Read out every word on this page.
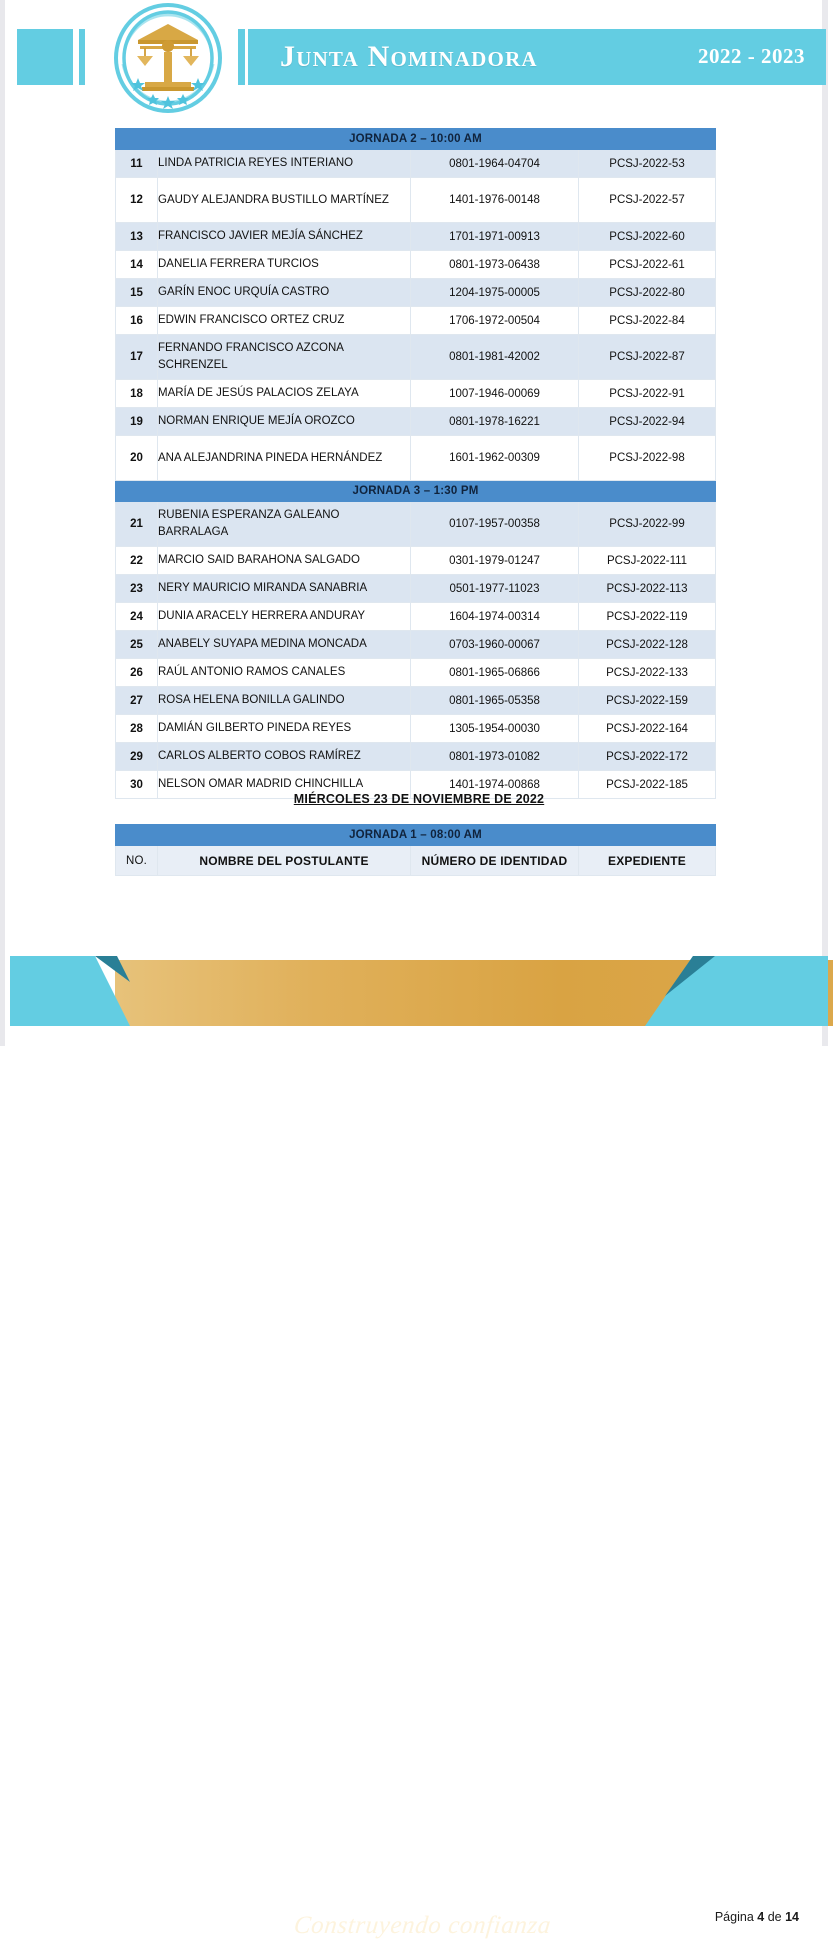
Junta Nominadora	2022 - 2023
JORNADA 2 – 10:00 AM			
11	LINDA PATRICIA REYES INTERIANO	0801-1964-04704	PCSJ-2022-53
12	GAUDY ALEJANDRA BUSTILLO MARTÍNEZ	1401-1976-00148	PCSJ-2022-57
13	FRANCISCO JAVIER MEJÍA SÁNCHEZ	1701-1971-00913	PCSJ-2022-60
14	DANELIA FERRERA TURCIOS	0801-1973-06438	PCSJ-2022-61
15	GARÍN ENOC URQUÍA CASTRO	1204-1975-00005	PCSJ-2022-80
16	EDWIN FRANCISCO ORTEZ CRUZ	1706-1972-00504	PCSJ-2022-84
17	FERNANDO FRANCISCO AZCONA SCHRENZEL	0801-1981-42002	PCSJ-2022-87
18	MARÍA DE JESÚS PALACIOS ZELAYA	1007-1946-00069	PCSJ-2022-91
19	NORMAN ENRIQUE MEJÍA OROZCO	0801-1978-16221	PCSJ-2022-94
20	ANA ALEJANDRINA PINEDA HERNÁNDEZ	1601-1962-00309	PCSJ-2022-98
JORNADA 3 – 1:30 PM			
21	RUBENIA ESPERANZA GALEANO BARRALAGA	0107-1957-00358	PCSJ-2022-99
22	MARCIO SAID BARAHONA SALGADO	0301-1979-01247	PCSJ-2022-111
23	NERY MAURICIO MIRANDA SANABRIA	0501-1977-11023	PCSJ-2022-113
24	DUNIA ARACELY HERRERA ANDURAY	1604-1974-00314	PCSJ-2022-119
25	ANABELY SUYAPA MEDINA MONCADA	0703-1960-00067	PCSJ-2022-128
26	RAÚL ANTONIO RAMOS CANALES	0801-1965-06866	PCSJ-2022-133
27	ROSA HELENA BONILLA GALINDO	0801-1965-05358	PCSJ-2022-159
28	DAMIÁN GILBERTO PINEDA REYES	1305-1954-00030	PCSJ-2022-164
29	CARLOS ALBERTO COBOS RAMÍREZ	0801-1973-01082	PCSJ-2022-172
30	NELSON OMAR MADRID CHINCHILLA	1401-1974-00868	PCSJ-2022-185
MIÉRCOLES 23 DE NOVIEMBRE DE 2022
JORNADA 1 – 08:00 AM
NO.	NOMBRE DEL POSTULANTE	NÚMERO DE IDENTIDAD	EXPEDIENTE
Construyendo confianza	Página 4 de 14
